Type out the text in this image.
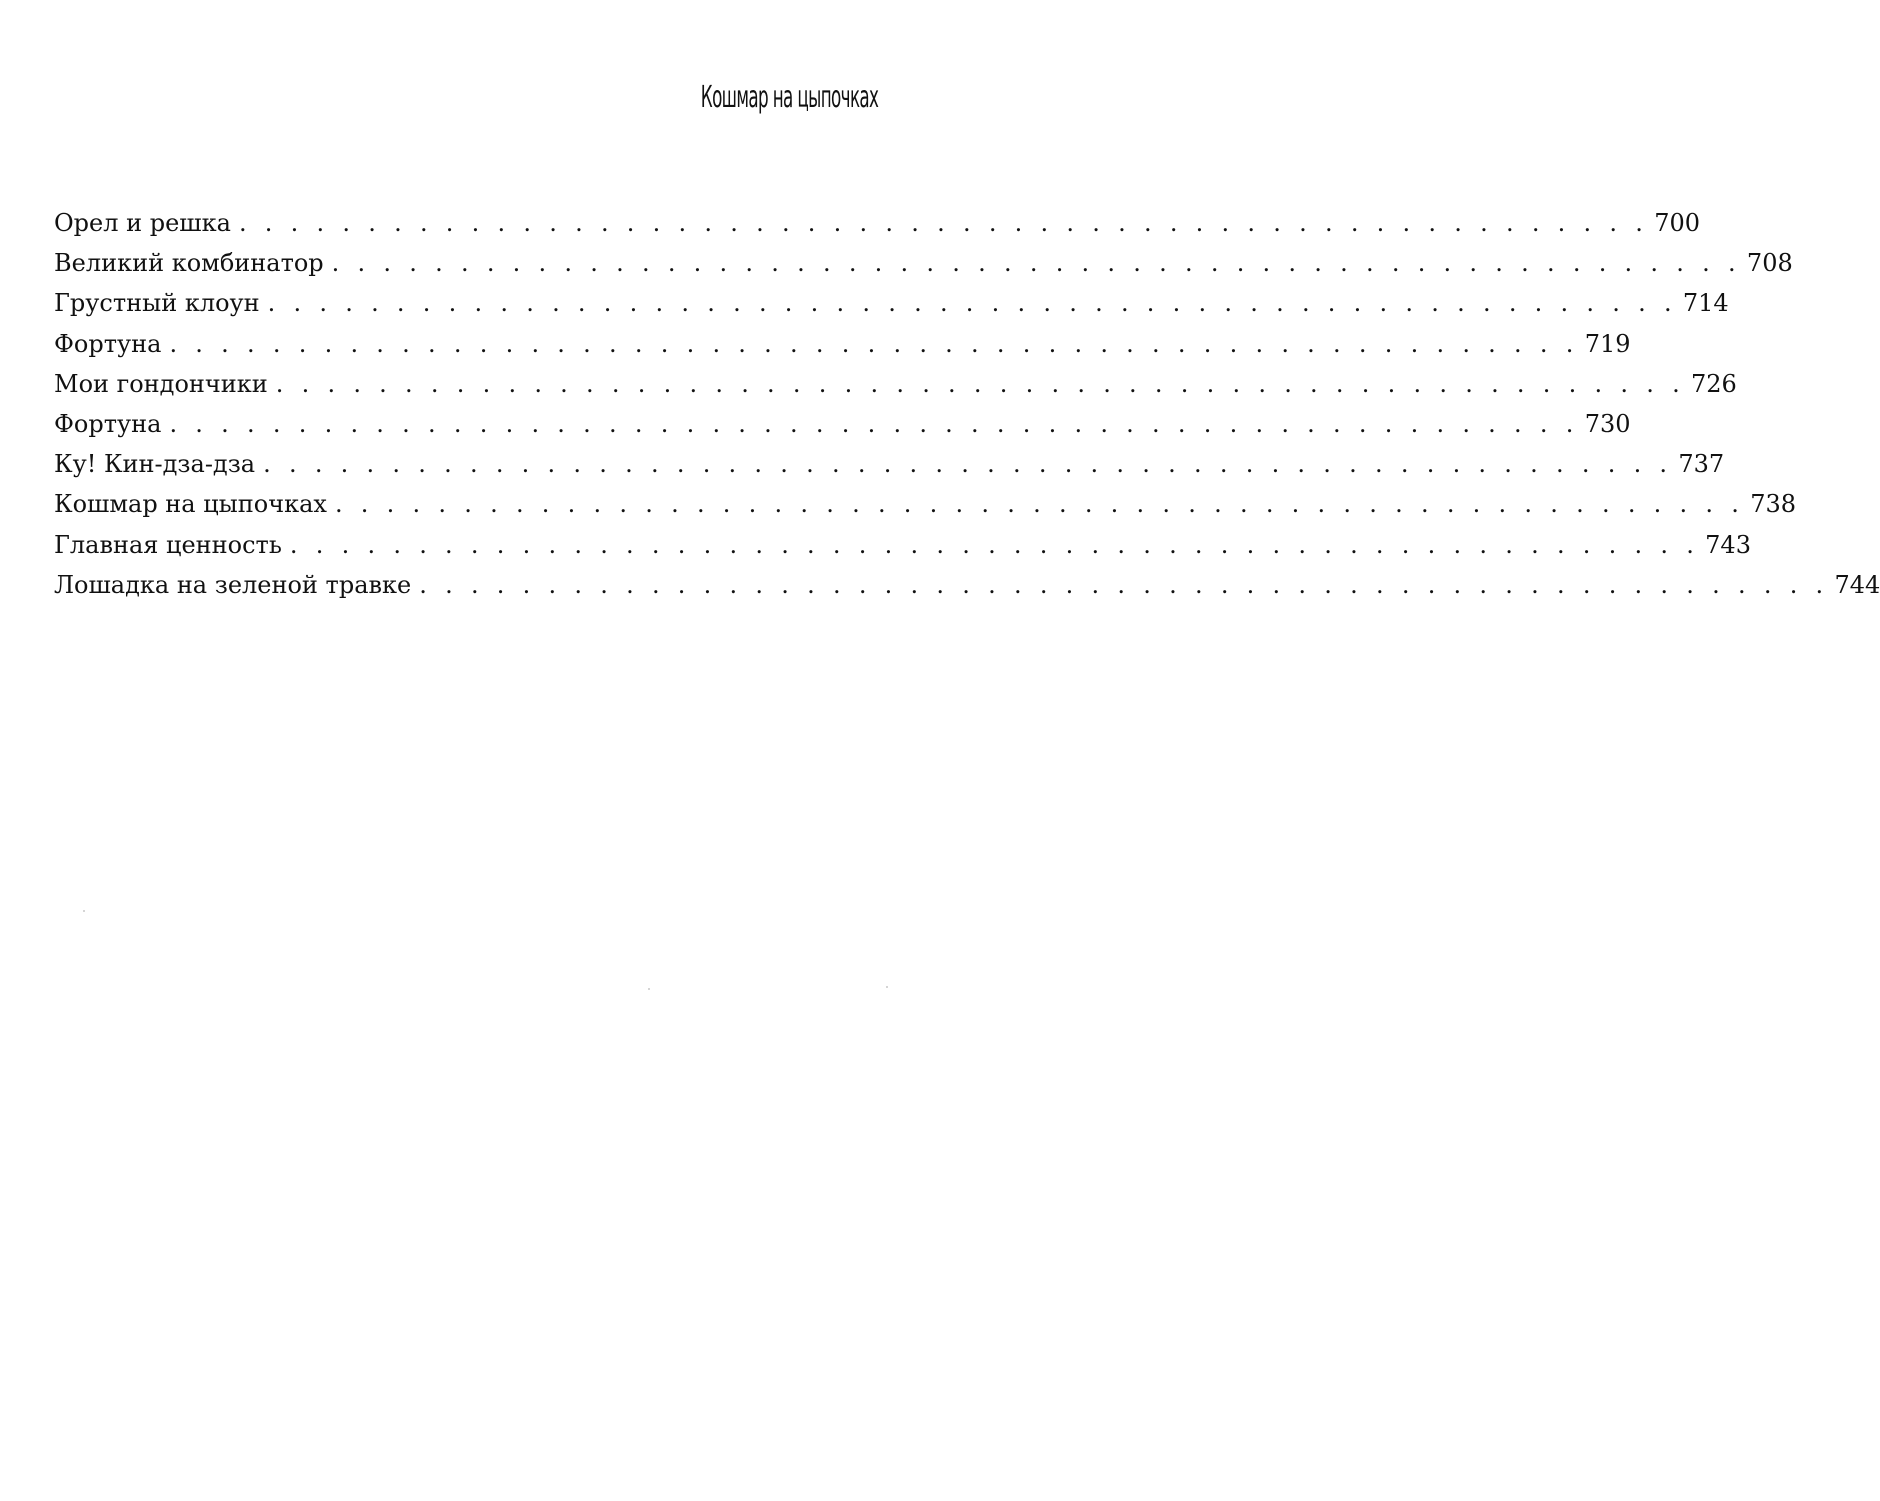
Кошмар на цыпочках
Орел и решка . . . . . . . . . . . . . . . . . . . . . . . . . . . . . . . . . . . . . . . . . . . . . . . . . . . . . . . 700
Великий комбинатор . . . . . . . . . . . . . . . . . . . . . . . . . . . . . . . . . . . . . . . . . . . . . . . . . . . . . . . 708
Грустный клоун . . . . . . . . . . . . . . . . . . . . . . . . . . . . . . . . . . . . . . . . . . . . . . . . . . . . . . . 714
Фортуна . . . . . . . . . . . . . . . . . . . . . . . . . . . . . . . . . . . . . . . . . . . . . . . . . . . . . . . 719
Мои гондончики . . . . . . . . . . . . . . . . . . . . . . . . . . . . . . . . . . . . . . . . . . . . . . . . . . . . . . . 726
Фортуна . . . . . . . . . . . . . . . . . . . . . . . . . . . . . . . . . . . . . . . . . . . . . . . . . . . . . . . 730
Ку! Кин-дза-дза . . . . . . . . . . . . . . . . . . . . . . . . . . . . . . . . . . . . . . . . . . . . . . . . . . . . . . . 737
Кошмар на цыпочках . . . . . . . . . . . . . . . . . . . . . . . . . . . . . . . . . . . . . . . . . . . . . . . . . . . . . . . 738
Главная ценность . . . . . . . . . . . . . . . . . . . . . . . . . . . . . . . . . . . . . . . . . . . . . . . . . . . . . . . 743
Лошадка на зеленой травке . . . . . . . . . . . . . . . . . . . . . . . . . . . . . . . . . . . . . . . . . . . . . . . . . . . . . . . 744
